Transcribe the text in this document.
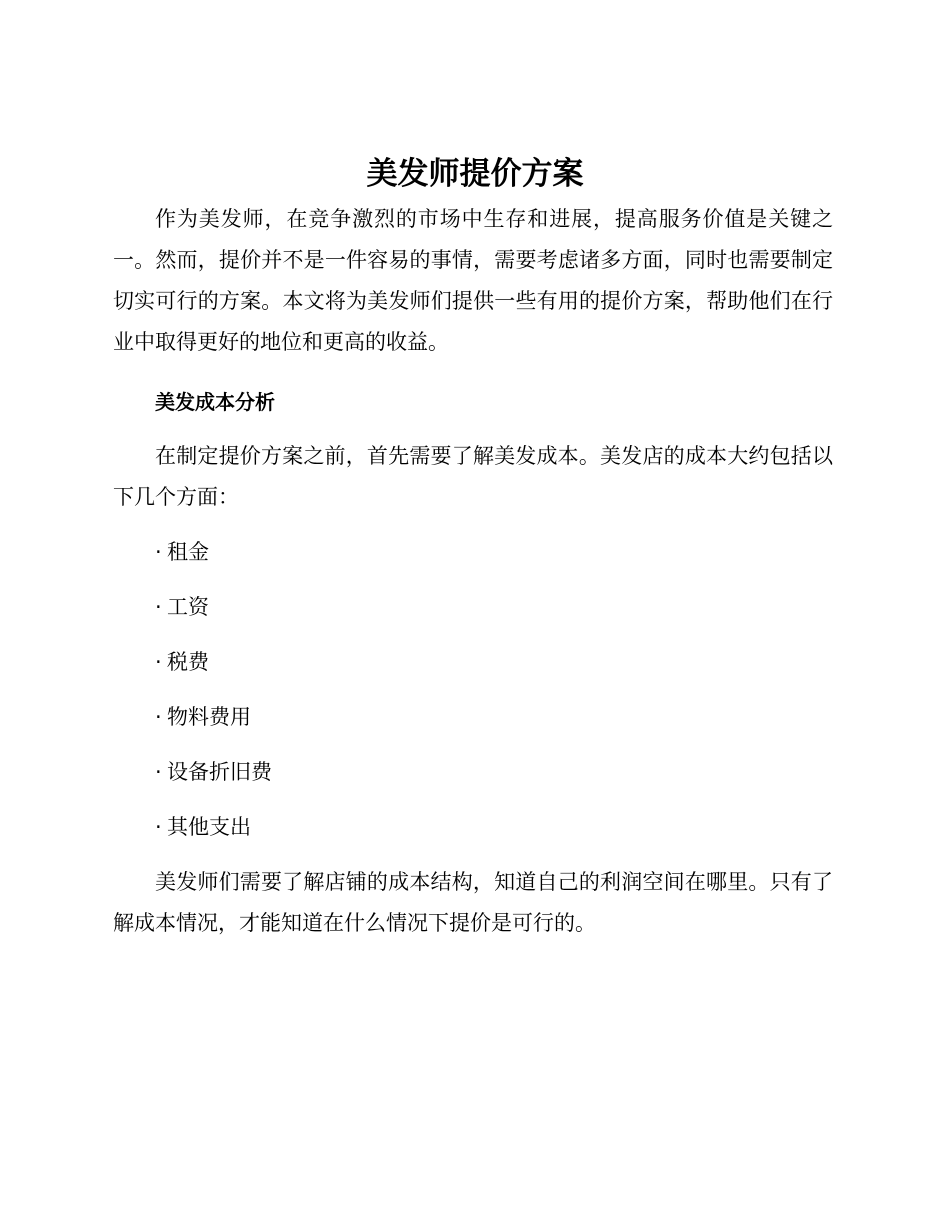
美发师提价方案

作为美发师，在竞争激烈的市场中生存和进展，提高服务价值是关键之一。然而，提价并不是一件容易的事情，需要考虑诸多方面，同时也需要制定切实可行的方案。本文将为美发师们提供一些有用的提价方案，帮助他们在行业中取得更好的地位和更高的收益。

美发成本分析

在制定提价方案之前，首先需要了解美发成本。美发店的成本大约包括以下几个方面：

· 租金
· 工资
· 税费
· 物料费用
· 设备折旧费
· 其他支出

美发师们需要了解店铺的成本结构，知道自己的利润空间在哪里。只有了解成本情况，才能知道在什么情况下提价是可行的。
